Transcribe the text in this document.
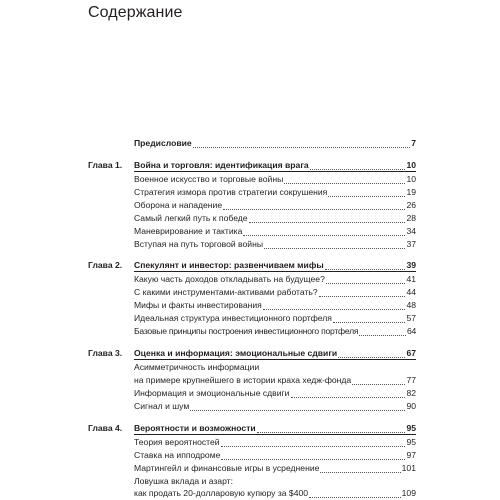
Содержание
Предисловие	7
Глава 1. Война и торговля: идентификация врага	10
Военное искусство и торговые войны	10
Стратегия измора против стратегии сокрушения	19
Оборона и нападение	26
Самый легкий путь к победе	28
Маневрирование и тактика	34
Вступая на путь торговой войны	37
Глава 2. Спекулянт и инвестор: развенчиваем мифы	39
Какую часть доходов откладывать на будущее?	41
С какими инструментами-активами работать?	44
Мифы и факты инвестирования	48
Идеальная структура инвестиционного портфеля	57
Базовые принципы построения инвестиционного портфеля	64
Глава 3. Оценка и информация: эмоциональные сдвиги	67
Асимметричность информации
на примере крупнейшего в истории краха хедж-фонда	77
Информация и эмоциональные сдвиги	82
Сигнал и шум	90
Глава 4. Вероятности и возможности	95
Теория вероятностей	95
Ставка на ипподроме	97
Мартингейл и финансовые игры в усреднение	101
Ловушка вклада и азарт:
как продать 20-долларовую купюру за $400	109
